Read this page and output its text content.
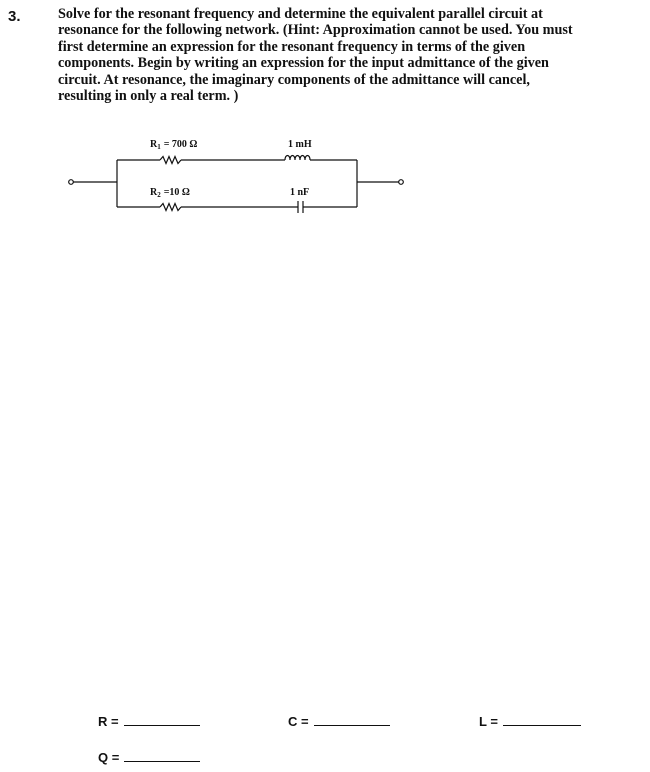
3.	Solve for the resonant frequency and determine the equivalent parallel circuit at
resonance for the following network. (Hint: Approximation cannot be used. You must
first determine an expression for the resonant frequency in terms of the given
components. Begin by writing an expression for the input admittance of the given
circuit. At resonance, the imaginary components of the admittance will cancel,
resulting in only a real term. )
$R_1 = 700$ Ω	1 mH
$R_2 =10$ Ω	1 nF
R =	C =	L =
Q =
